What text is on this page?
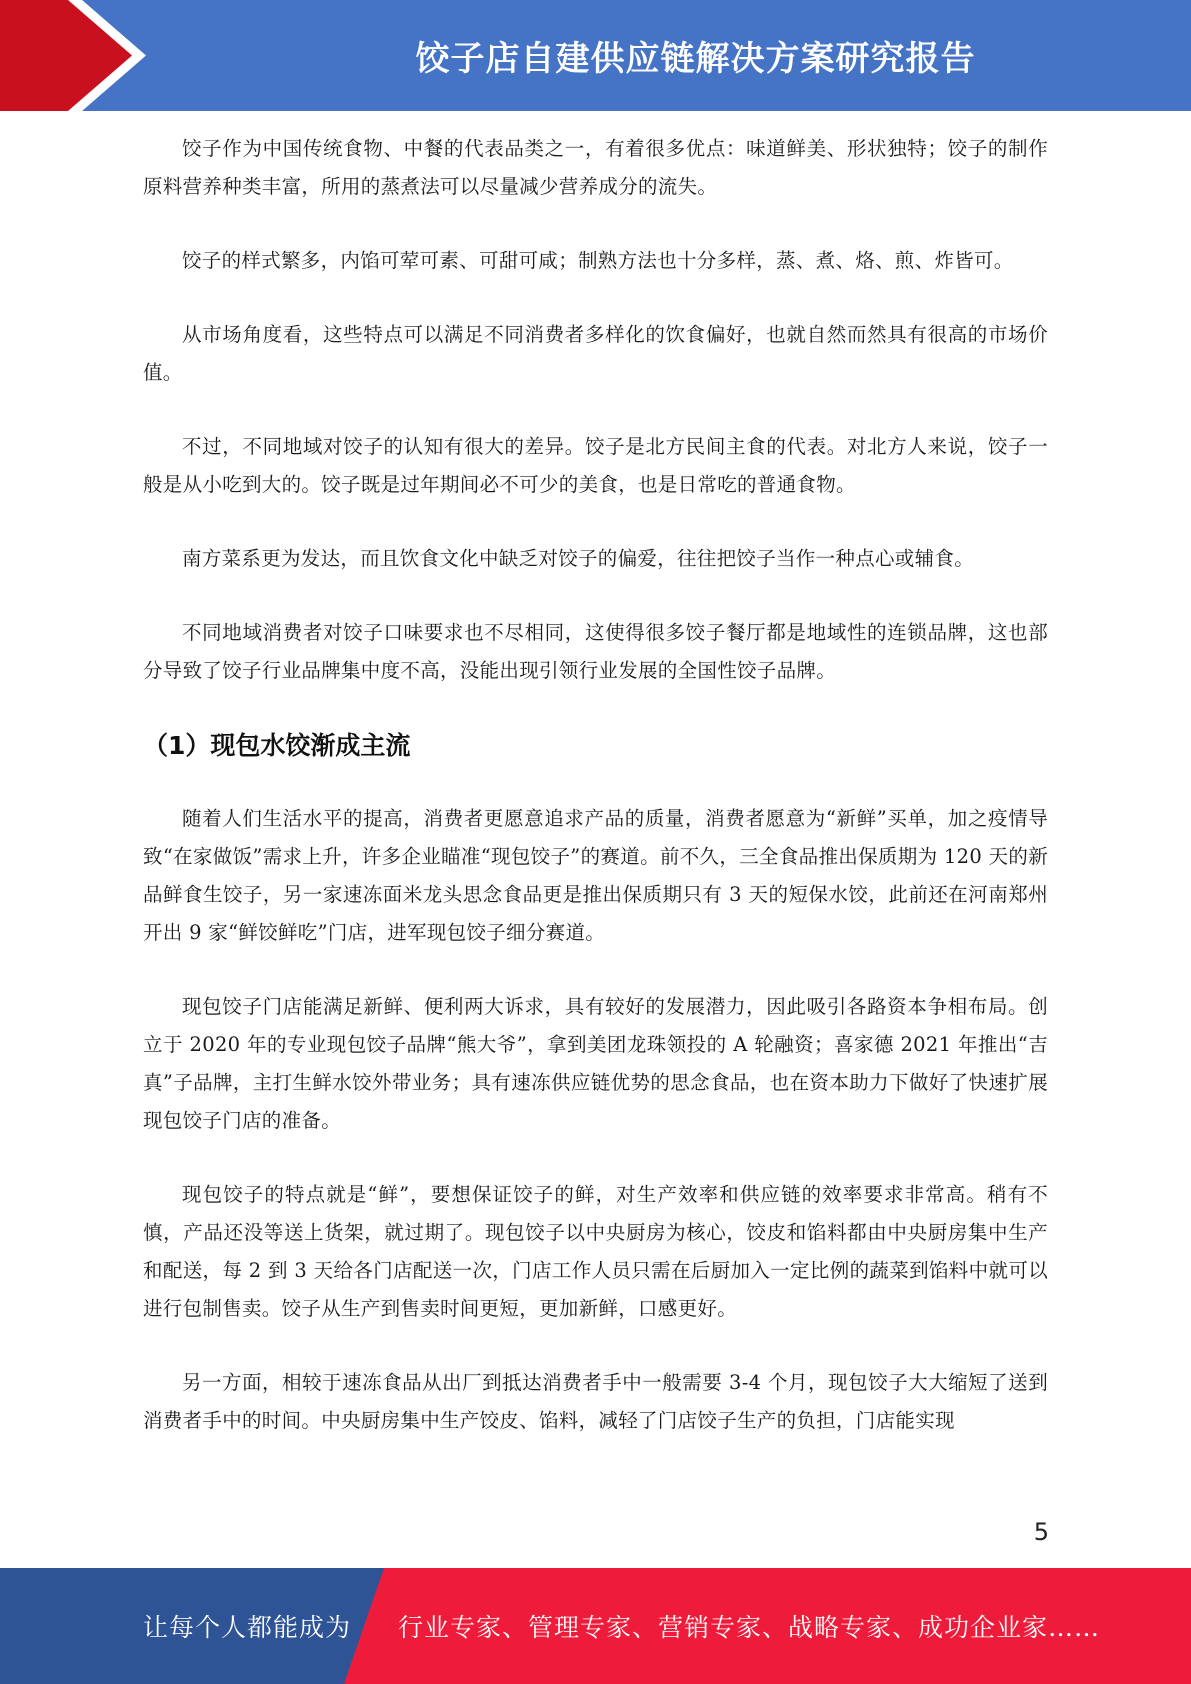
饺子店自建供应链解决方案研究报告

饺子作为中国传统食物、中餐的代表品类之一，有着很多优点：味道鲜美、形状独特；饺子的制作原料营养种类丰富，所用的蒸煮法可以尽量减少营养成分的流失。

饺子的样式繁多，内馅可荤可素、可甜可咸；制熟方法也十分多样，蒸、煮、烙、煎、炸皆可。

从市场角度看，这些特点可以满足不同消费者多样化的饮食偏好，也就自然而然具有很高的市场价值。

不过，不同地域对饺子的认知有很大的差异。饺子是北方民间主食的代表。对北方人来说，饺子一般是从小吃到大的。饺子既是过年期间必不可少的美食，也是日常吃的普通食物。

南方菜系更为发达，而且饮食文化中缺乏对饺子的偏爱，往往把饺子当作一种点心或辅食。

不同地域消费者对饺子口味要求也不尽相同，这使得很多饺子餐厅都是地域性的连锁品牌，这也部分导致了饺子行业品牌集中度不高，没能出现引领行业发展的全国性饺子品牌。

（1）现包水饺渐成主流

随着人们生活水平的提高，消费者更愿意追求产品的质量，消费者愿意为“新鲜”买单，加之疫情导致“在家做饭”需求上升，许多企业瞄准“现包饺子”的赛道。前不久，三全食品推出保质期为 120 天的新品鲜食生饺子，另一家速冻面米龙头思念食品更是推出保质期只有 3 天的短保水饺，此前还在河南郑州开出 9 家“鲜饺鲜吃”门店，进军现包饺子细分赛道。

现包饺子门店能满足新鲜、便利两大诉求，具有较好的发展潜力，因此吸引各路资本争相布局。创立于 2020 年的专业现包饺子品牌“熊大爷”，拿到美团龙珠领投的 A 轮融资；喜家德 2021 年推出“吉真”子品牌，主打生鲜水饺外带业务；具有速冻供应链优势的思念食品，也在资本助力下做好了快速扩展现包饺子门店的准备。

现包饺子的特点就是“鲜”，要想保证饺子的鲜，对生产效率和供应链的效率要求非常高。稍有不慎，产品还没等送上货架，就过期了。现包饺子以中央厨房为核心，饺皮和馅料都由中央厨房集中生产和配送，每 2 到 3 天给各门店配送一次，门店工作人员只需在后厨加入一定比例的蔬菜到馅料中就可以进行包制售卖。饺子从生产到售卖时间更短，更加新鲜，口感更好。

另一方面，相较于速冻食品从出厂到抵达消费者手中一般需要 3-4 个月，现包饺子大大缩短了送到消费者手中的时间。中央厨房集中生产饺皮、馅料，减轻了门店饺子生产的负担，门店能实现

5
让每个人都能成为 行业专家、管理专家、营销专家、战略专家、成功企业家……
